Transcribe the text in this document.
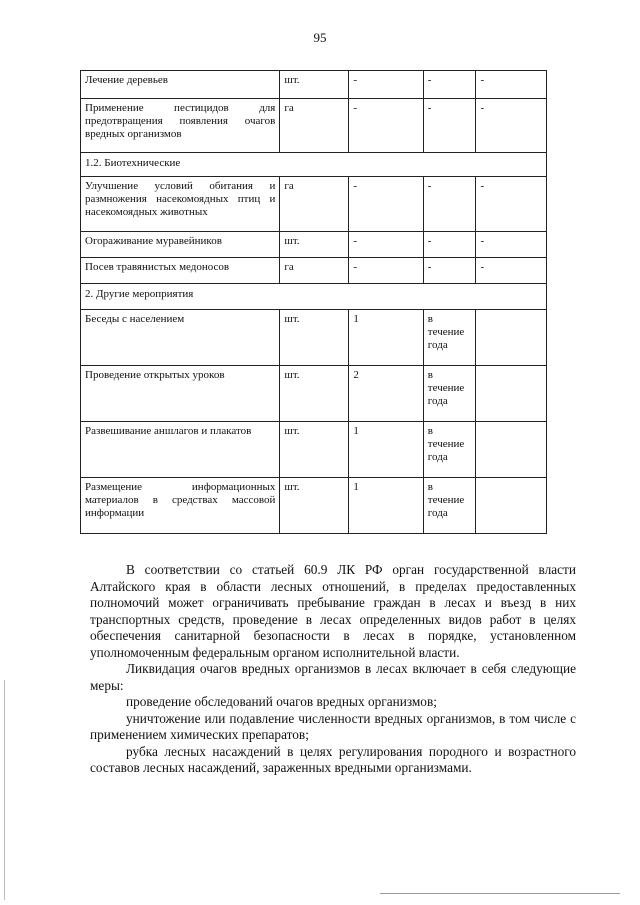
95
Лечение деревьев	шт.	-	-	-
Применение пестицидов для предотвращения появления очагов вредных организмов	га	-	-	-
1.2. Биотехнические				
Улучшение условий обитания и размножения насекомоядных птиц и насекомоядных животных	га	-	-	-
Огораживание муравейников	шт.	-	-	-
Посев травянистых медоносов	га	-	-	-
2. Другие мероприятия				
Беседы с населением	шт.	1	в течение года	
Проведение открытых уроков	шт.	2	в течение года	
Развешивание аншлагов и плакатов	шт.	1	в течение года	
Размещение информационных материалов в средствах массовой информации	шт.	1	в течение года	

В соответствии со статьей 60.9 ЛК РФ орган государственной власти Алтайского края в области лесных отношений, в пределах предоставленных полномочий может ограничивать пребывание граждан в лесах и въезд в них транспортных средств, проведение в лесах определенных видов работ в целях обеспечения санитарной безопасности в лесах в порядке, установленном уполномоченным федеральным органом исполнительной власти.

Ликвидация очагов вредных организмов в лесах включает в себя следующие меры:

проведение обследований очагов вредных организмов;

уничтожение или подавление численности вредных организмов, в том числе с применением химических препаратов;

рубка лесных насаждений в целях регулирования породного и возрастного составов лесных насаждений, зараженных вредными организмами.
